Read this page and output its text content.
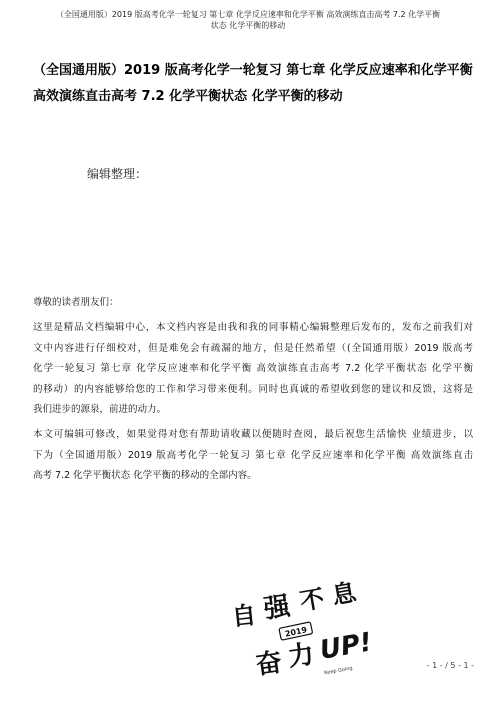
（全国通用版）2019 版高考化学一轮复习 第七章 化学反应速率和化学平衡 高效演练直击高考 7.2 化学平衡
状态 化学平衡的移动
（全国通用版）2019 版高考化学一轮复习 第七章 化学反应速率和化学平衡
高效演练直击高考 7.2 化学平衡状态 化学平衡的移动
编辑整理：
尊敬的读者朋友们：
这里是精品文档编辑中心，本文档内容是由我和我的同事精心编辑整理后发布的，发布之前我们对
文中内容进行仔细校对，但是难免会有疏漏的地方，但是任然希望（(全国通用版）2019 版高考
化学一轮复习 第七章 化学反应速率和化学平衡 高效演练直击高考 7.2 化学平衡状态 化学平衡
的移动）的内容能够给您的工作和学习带来便利。同时也真诚的希望收到您的建议和反馈，这将是
我们进步的源泉，前进的动力。
本文可编辑可修改，如果觉得对您有帮助请收藏以便随时查阅，最后祝您生活愉快 业绩进步，以
下为（全国通用版）2019 版高考化学一轮复习 第七章 化学反应速率和化学平衡 高效演练直击
高考 7.2 化学平衡状态 化学平衡的移动的全部内容。
自 强 不 息
2019
奋 力 UP!
Keep Going	- 1 - / 5 - 1 -
